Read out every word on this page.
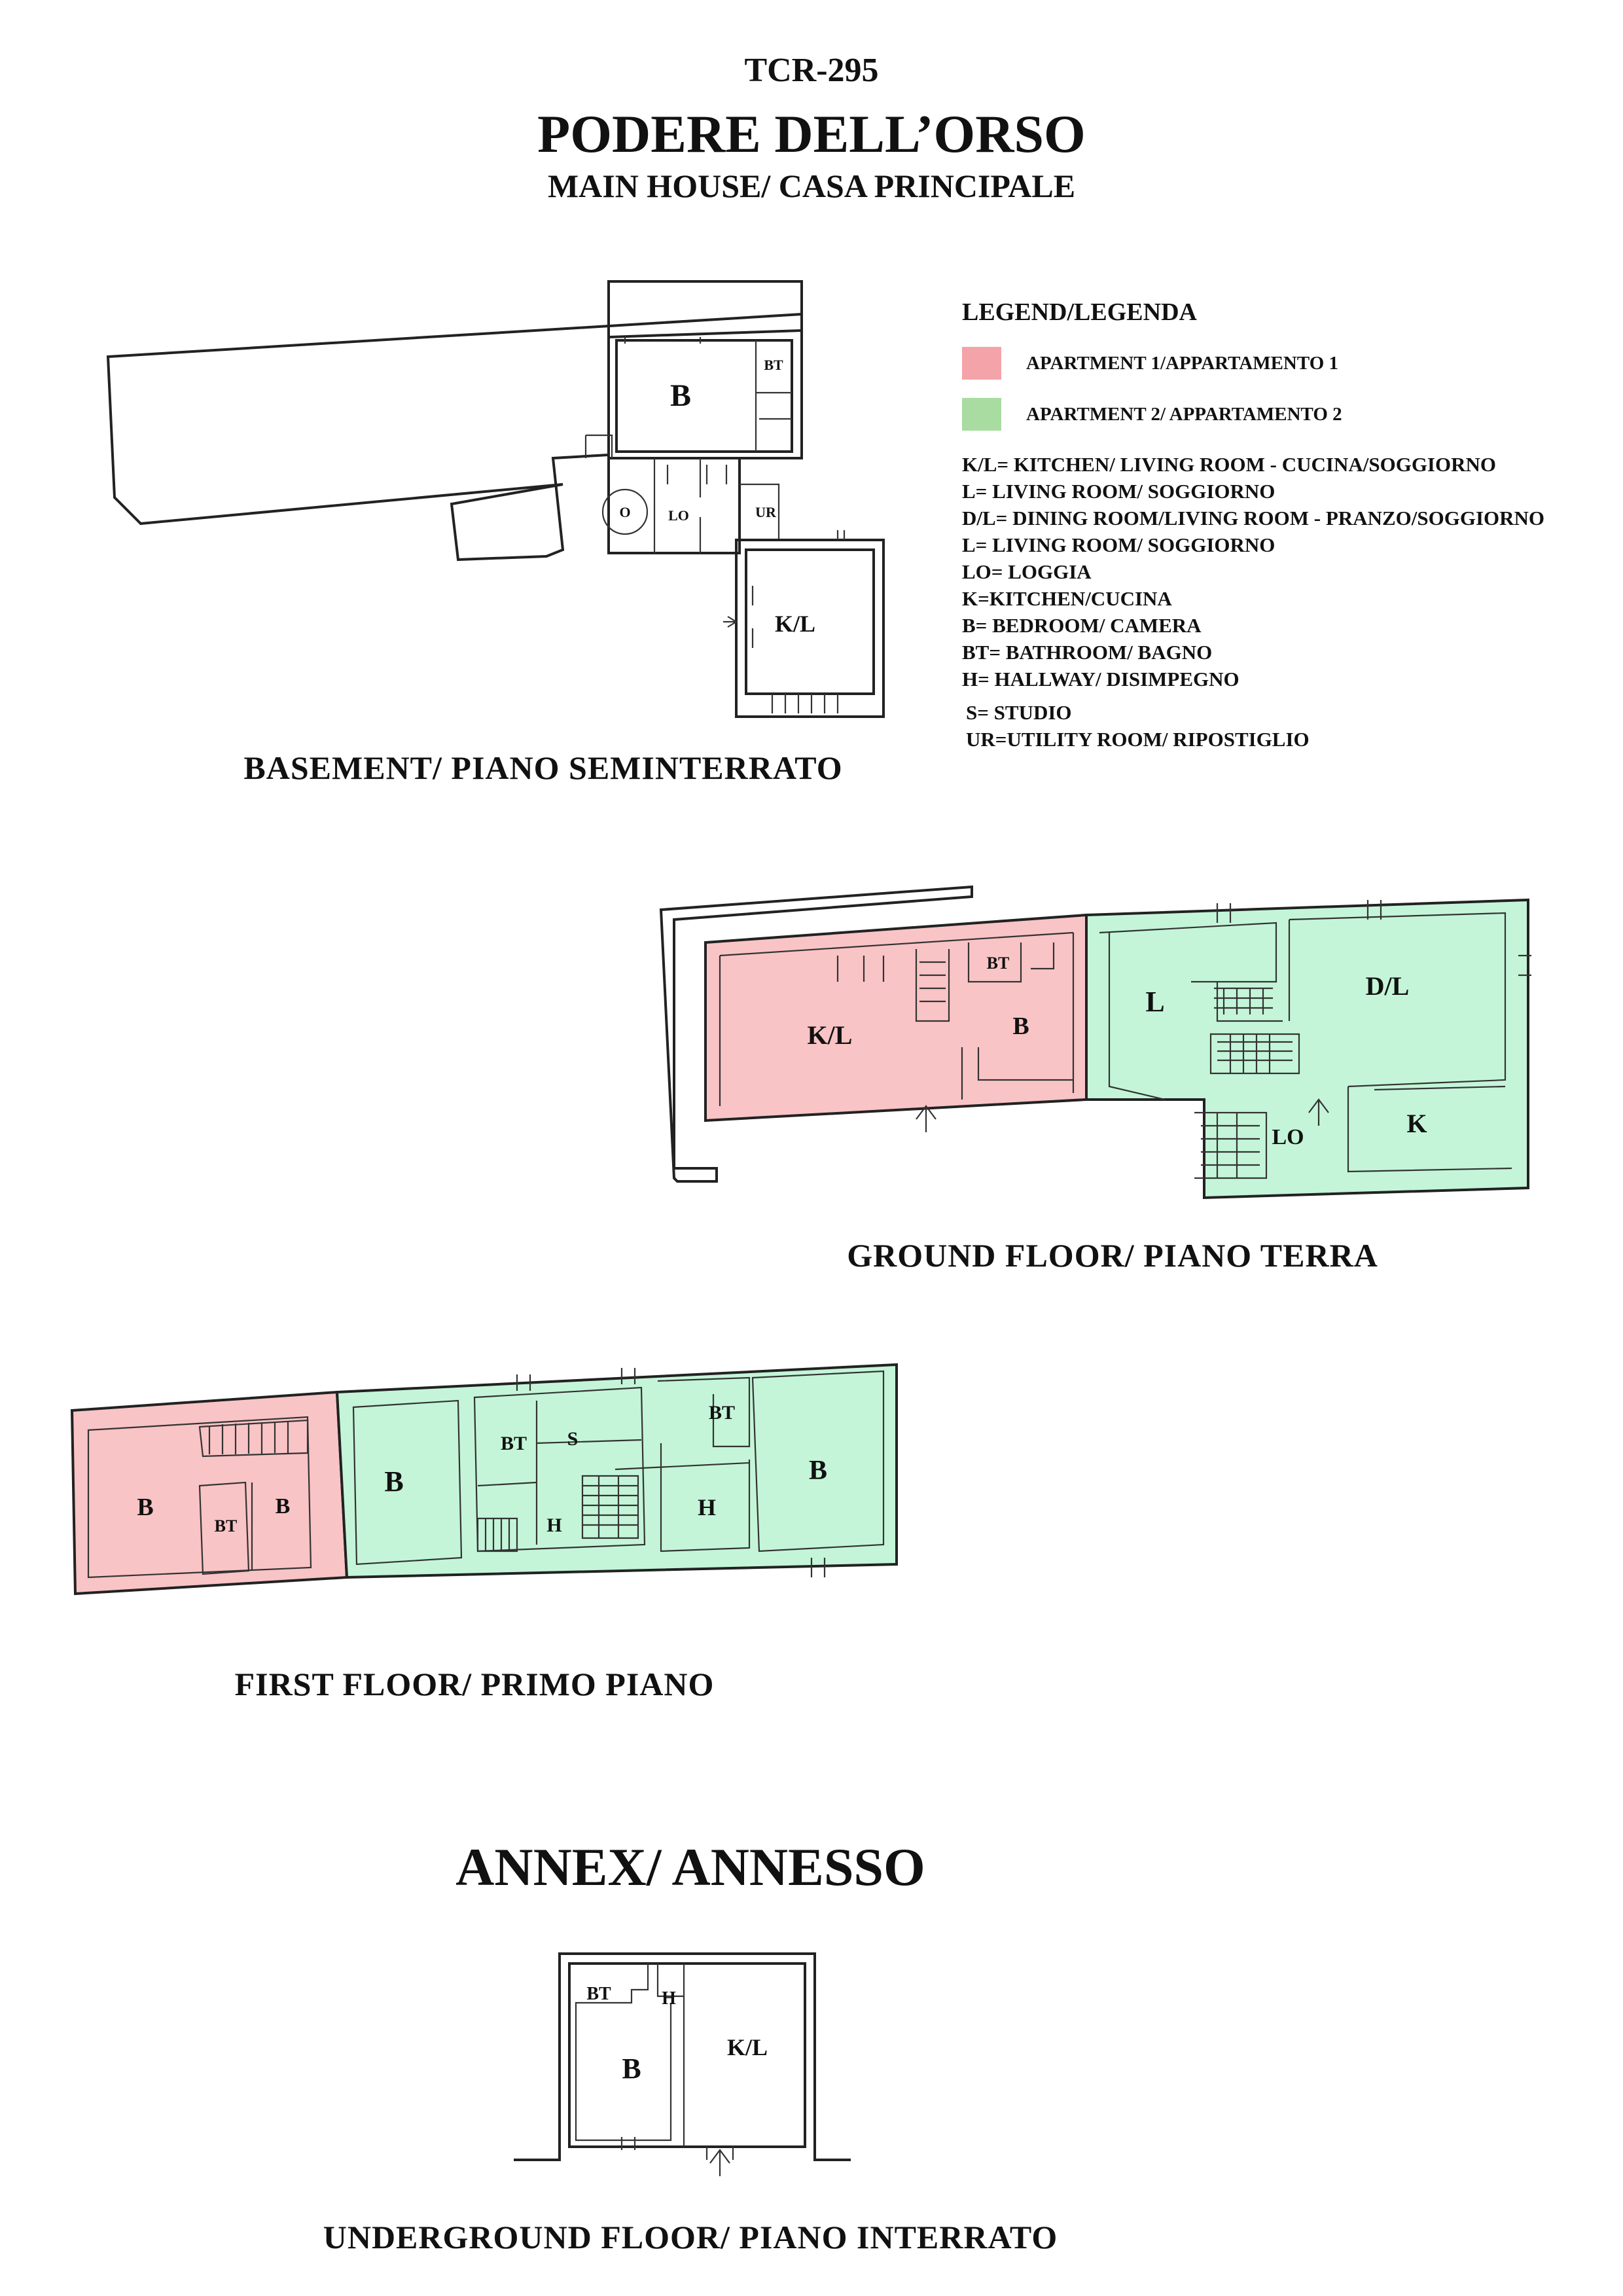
TCR-295
PODERE DELL’ORSO
MAIN HOUSE/ CASA PRINCIPALE
LEGEND/LEGENDA
APARTMENT 1/APPARTAMENTO 1
APARTMENT 2/ APPARTAMENTO 2
K/L= KITCHEN/ LIVING ROOM - CUCINA/SOGGIORNO
L= LIVING ROOM/ SOGGIORNO
D/L= DINING ROOM/LIVING ROOM - PRANZO/SOGGIORNO
L= LIVING ROOM/ SOGGIORNO
LO= LOGGIA
K=KITCHEN/CUCINA
B= BEDROOM/ CAMERA
BT= BATHROOM/ BAGNO
H= HALLWAY/ DISIMPEGNO
S= STUDIO
UR=UTILITY ROOM/ RIPOSTIGLIO
B
BT
O	LO	UR
K/L
BASEMENT/ PIANO SEMINTERRATO
K/L
BT
B
L	D/L
LO	K
GROUND FLOOR/ PIANO TERRA
B
BT
B
B
BT S
H
BT
H
B
FIRST FLOOR/ PRIMO PIANO
ANNEX/ ANNESSO
BT	H
K/L
B
UNDERGROUND FLOOR/ PIANO INTERRATO
